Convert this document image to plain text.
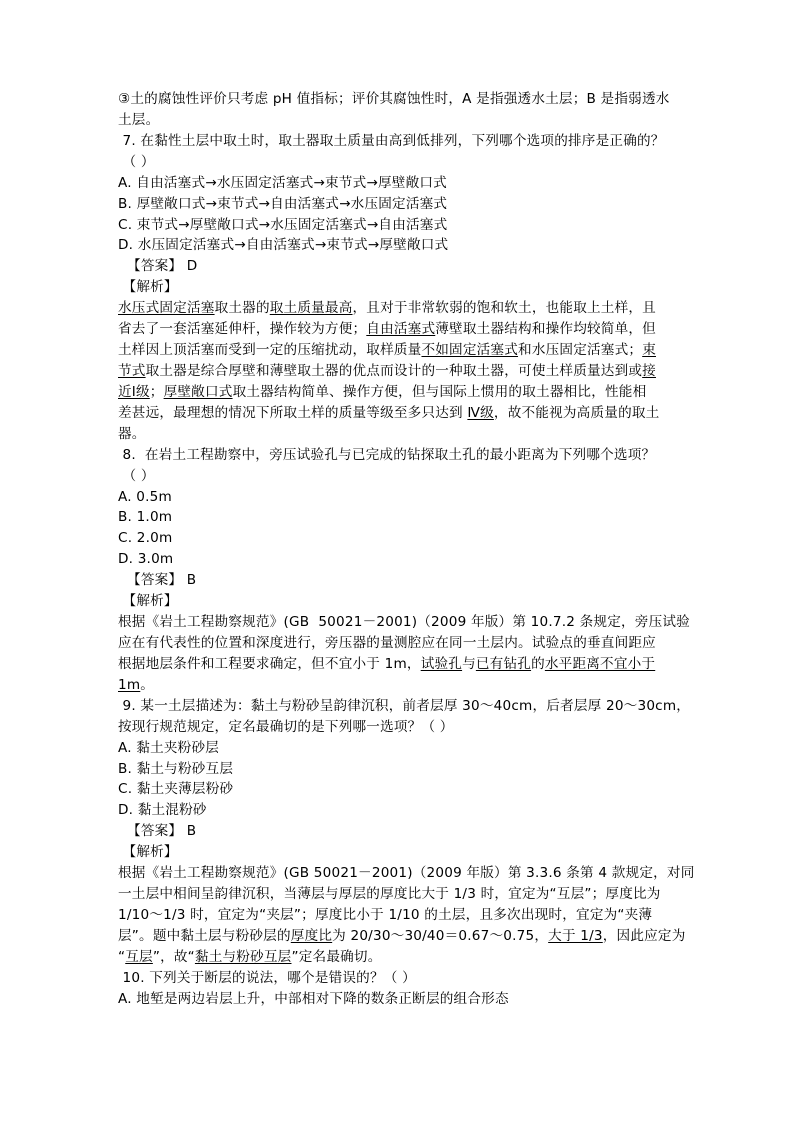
③土的腐蚀性评价只考虑 pH 值指标；评价其腐蚀性时，A 是指强透水土层；B 是指弱透水
土层。
7. 在黏性土层中取土时，取土器取土质量由高到低排列，下列哪个选项的排序是正确的？
（ ）
A. 自由活塞式→水压固定活塞式→束节式→厚壁敞口式
B. 厚壁敞口式→束节式→自由活塞式→水压固定活塞式
C. 束节式→厚壁敞口式→水压固定活塞式→自由活塞式
D. 水压固定活塞式→自由活塞式→束节式→厚壁敞口式
【答案】 D
【解析】
水压式固定活塞取土器的取土质量最高，且对于非常软弱的饱和软土，也能取上土样，且
省去了一套活塞延伸杆，操作较为方便；自由活塞式薄壁取土器结构和操作均较简单，但
土样因上顶活塞而受到一定的压缩扰动，取样质量不如固定活塞式和水压固定活塞式；束
节式取土器是综合厚壁和薄壁取土器的优点而设计的一种取土器，可使土样质量达到或接
近Ⅰ级；厚壁敞口式取土器结构简单、操作方便，但与国际上惯用的取土器相比，性能相
差甚远，最理想的情况下所取土样的质量等级至多只达到 Ⅳ级，故不能视为高质量的取土
器。
8.  在岩土工程勘察中，旁压试验孔与已完成的钻探取土孔的最小距离为下列哪个选项？
（ ）
A. 0.5m
B. 1.0m
C. 2.0m
D. 3.0m
【答案】 B
【解析】
根据《岩土工程勘察规范》(GB  50021－2001)（2009 年版）第 10.7.2 条规定，旁压试验
应在有代表性的位置和深度进行，旁压器的量测腔应在同一土层内。试验点的垂直间距应
根据地层条件和工程要求确定，但不宜小于 1m，试验孔与已有钻孔的水平距离不宜小于
1m。
9. 某一土层描述为：黏土与粉砂呈韵律沉积，前者层厚 30～40cm，后者层厚 20～30cm，
按现行规范规定，定名最确切的是下列哪一选项？（ ）
A. 黏土夹粉砂层
B. 黏土与粉砂互层
C. 黏土夹薄层粉砂
D. 黏土混粉砂
【答案】 B
【解析】
根据《岩土工程勘察规范》(GB 50021－2001)（2009 年版）第 3.3.6 条第 4 款规定，对同
一土层中相间呈韵律沉积，当薄层与厚层的厚度比大于 1/3 时，宜定为“互层”；厚度比为
1/10～1/3 时，宜定为“夹层”；厚度比小于 1/10 的土层，且多次出现时，宜定为“夹薄
层”。题中黏土层与粉砂层的厚度比为 20/30～30/40＝0.67～0.75，大于 1/3，因此应定为
“互层”，故“黏土与粉砂互层”定名最确切。
10. 下列关于断层的说法，哪个是错误的？（ ）
A. 地堑是两边岩层上升，中部相对下降的数条正断层的组合形态
